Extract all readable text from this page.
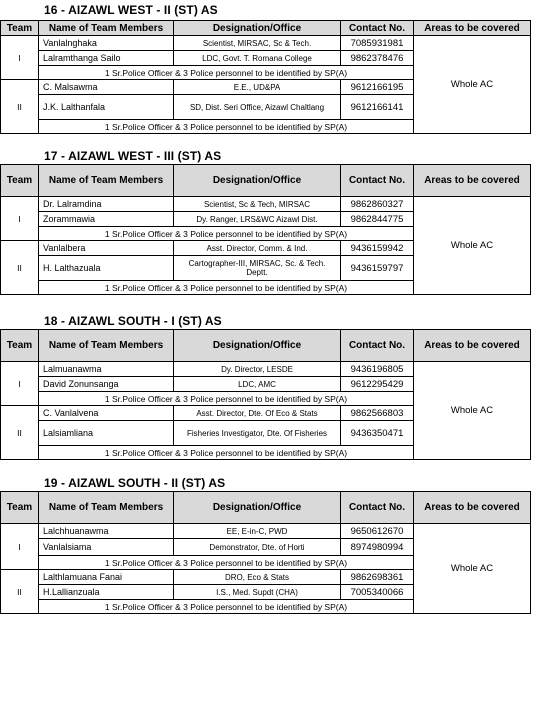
16 - AIZAWL WEST - II (ST) AS
Team	Name of Team Members	Designation/Office	Contact No.	Areas to be covered
I	Vanlalnghaka	Scientist, MIRSAC, Sc & Tech.	7085931981	Whole AC
	Lalramthanga Sailo	LDC, Govt. T. Romana College	9862378476	
	1 Sr.Police Officer & 3 Police personnel to be identified by SP(A)			
II	C. Malsawma	E.E., UD&PA	9612166195	
	J.K. Lalthanfala	SD, Dist. Seri Office, Aizawl Chaltlang	9612166141	
	1 Sr.Police Officer & 3 Police personnel to be identified by SP(A)			
17 - AIZAWL WEST - III (ST) AS
Team	Name of Team Members	Designation/Office	Contact No.	Areas to be covered
I	Dr. Lalramdina	Scientist, Sc & Tech, MIRSAC	9862860327	Whole AC
	Zorammawia	Dy. Ranger, LRS&WC Aizawl Dist.	9862844775	
	1 Sr.Police Officer & 3 Police personnel to be identified by SP(A)			
II	Vanlalbera	Asst. Director, Comm. & Ind.	9436159942	
	H. Lalthazuala	Cartographer-III, MIRSAC, Sc. & Tech. Deptt.	9436159797	
	1 Sr.Police Officer & 3 Police personnel to be identified by SP(A)			
18 - AIZAWL SOUTH - I (ST) AS
Team	Name of Team Members	Designation/Office	Contact No.	Areas to be covered
I	Lalmuanawma	Dy. Director, LESDE	9436196805	Whole AC
	David Zonunsanga	LDC, AMC	9612295429	
	1 Sr.Police Officer & 3 Police personnel to be identified by SP(A)			
II	C. Vanlalvena	Asst. Director, Dte. Of Eco & Stats	9862566803	
	Lalsiamliana	Fisheries Investigator, Dte. Of Fisheries	9436350471	
	1 Sr.Police Officer & 3 Police personnel to be identified by SP(A)			
19 - AIZAWL SOUTH - II (ST) AS
Team	Name of Team Members	Designation/Office	Contact No.	Areas to be covered
I	Lalchhuanawma	EE, E-in-C, PWD	9650612670	Whole AC
	Vanlalsiama	Demonstrator, Dte. of Horti	8974980994	
	1 Sr.Police Officer & 3 Police personnel to be identified by SP(A)			
II	Lalthlamuana Fanai	DRO, Eco & Stats	9862698361	
	H.Lallianzuala	I.S., Med. Supdt (CHA)	7005340066	
	1 Sr.Police Officer & 3 Police personnel to be identified by SP(A)			
